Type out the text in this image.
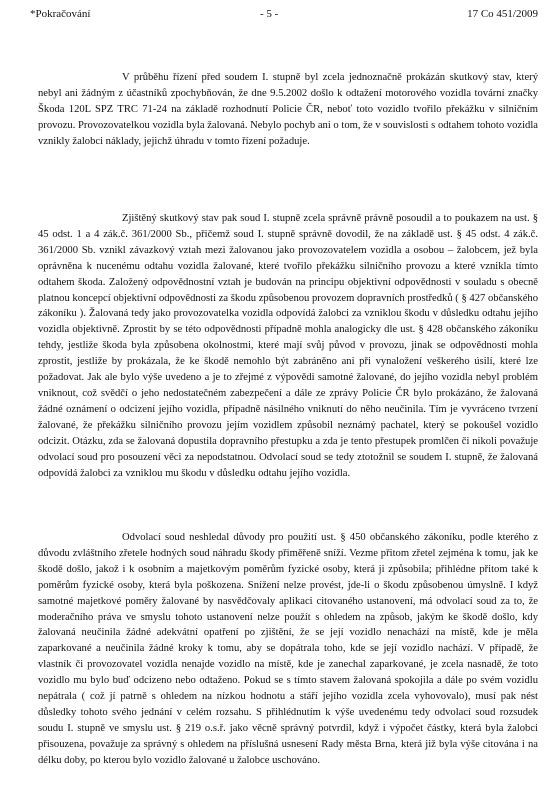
*Pokračování	- 5 -	17 Co 451/2009

V průběhu řízení před soudem I. stupně byl zcela jednoznačně prokázán skutkový stav, který nebyl ani žádným z účastníků zpochybňován, že dne 9.5.2002 došlo k odtažení motorového vozidla tovární značky Škoda 120L SPZ TRC 71-24 na základě rozhodnutí Policie ČR, neboť toto vozidlo tvořilo překážku v silničním provozu. Provozovatelkou vozidla byla žalovaná. Nebylo pochyb ani o tom, že v souvislosti s odtahem tohoto vozidla vznikly žalobci náklady, jejichž úhradu v tomto řízení požaduje.

Zjištěný skutkový stav pak soud I. stupně zcela správně právně posoudil a to poukazem na ust. § 45 odst. 1 a 4 zák.č. 361/2000 Sb., přičemž soud I. stupně správně dovodil, že na základě ust. § 45 odst. 4 zák.č. 361/2000 Sb. vznikl závazkový vztah mezi žalovanou jako provozovatelem vozidla a osobou – žalobcem, jež byla oprávněna k nucenému odtahu vozidla žalované, které tvořilo překážku silničního provozu a které vznikla tímto odtahem škoda. Založený odpovědnostní vztah je budován na principu objektivní odpovědnosti v souladu s obecně platnou koncepcí objektivní odpovědnosti za škodu způsobenou provozem dopravních prostředků ( § 427 občanského zákoníku ). Žalovaná tedy jako provozovatelka vozidla odpovídá žalobci za vzniklou škodu v důsledku odtahu jejího vozidla objektivně. Zprostit by se této odpovědnosti případně mohla analogicky dle ust. § 428 občanského zákoníku tehdy, jestliže škoda byla způsobena okolnostmi, které mají svůj původ v provozu, jinak se odpovědnosti mohla zprostit, jestliže by prokázala, že ke škodě nemohlo být zabráněno ani při vynaložení veškerého úsilí, které lze požadovat. Jak ale bylo výše uvedeno a je to zřejmé z výpovědi samotné žalované, do jejího vozidla nebyl problém vniknout, což svědčí o jeho nedostatečném zabezpečení a dále ze zprávy Policie ČR bylo prokázáno, že žalovaná žádné oznámení o odcizení jejího vozidla, případně násilného vniknutí do něho neučinila. Tím je vyvráceno tvrzení žalované, že překážku silničního provozu jejím vozidlem způsobil neznámý pachatel, který se pokoušel vozidlo odcizit. Otázku, zda se žalovaná dopustila dopravního přestupku a zda je tento přestupek promlčen či nikoli považuje odvolací soud pro posouzení věci za nepodstatnou. Odvolací soud se tedy ztotožnil se soudem I. stupně, že žalovaná odpovídá žalobci za vzniklou mu škodu v důsledku odtahu jejího vozidla.

Odvolací soud neshledal důvody pro použití ust. § 450 občanského zákoníku, podle kterého z důvodu zvláštního zřetele hodných soud náhradu škody přiměřeně sníží. Vezme přitom zřetel zejména k tomu, jak ke škodě došlo, jakož i k osobním a majetkovým poměrům fyzické osoby, která ji způsobila; přihlédne přitom také k poměrům fyzické osoby, která byla poškozena. Snížení nelze provést, jde-li o škodu způsobenou úmyslně. I když samotné majetkové poměry žalované by nasvědčovaly aplikaci citovaného ustanovení, má odvolací soud za to, že moderačního práva ve smyslu tohoto ustanovení nelze použít s ohledem na způsob, jakým ke škodě došlo, kdy žalovaná neučinila žádné adekvátní opatření po zjištění, že se její vozidlo nenachází na místě, kde je měla zaparkované a neučinila žádné kroky k tomu, aby se dopátrala toho, kde se její vozidlo nachází. V případě, že vlastník či provozovatel vozidla nenajde vozidlo na místě, kde je zanechal zaparkované, je zcela nasnadě, že toto vozidlo mu bylo buď odcizeno nebo odtaženo. Pokud se s tímto stavem žalovaná spokojila a dále po svém vozidlu nepátrala ( což jí patrně s ohledem na nízkou hodnotu a stáří jejího vozidla zcela vyhovovalo), musí pak nést důsledky tohoto svého jednání v celém rozsahu. S přihlédnutím k výše uvedenému tedy odvolací soud rozsudek soudu I. stupně ve smyslu ust. § 219 o.s.ř. jako věcně správný potvrdil, když i výpočet částky, která byla žalobci přisouzena, považuje za správný s ohledem na příslušná usnesení Rady města Brna, která již byla výše citována i na délku doby, po kterou bylo vozidlo žalované u žalobce uschováno.
